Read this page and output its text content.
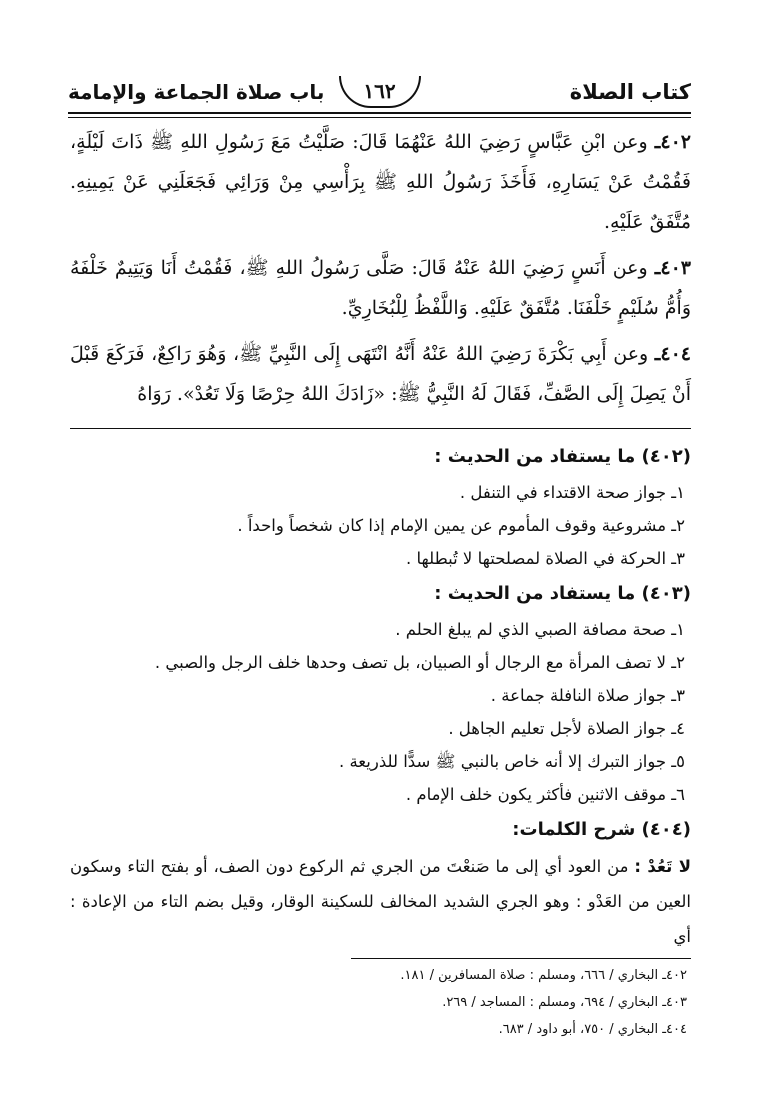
كتاب الصلاة
١٦٢
باب صلاة الجماعة والإمامة

٤٠٢ـ وعن ابْنِ عَبَّاسٍ رَضِيَ اللهُ عَنْهُمَا قَالَ: صَلَّيْتُ مَعَ رَسُولِ اللهِ ﷺ ذَاتَ لَيْلَةٍ، فَقُمْتُ عَنْ يَسَارِهِ، فَأَخَذَ رَسُولُ اللهِ ﷺ بِرَأْسِي مِنْ وَرَائِي فَجَعَلَنِي عَنْ يَمِينِهِ. مُتَّفَقٌ عَلَيْهِ.

٤٠٣ـ وعن أَنَسٍ رَضِيَ اللهُ عَنْهُ قَالَ: صَلَّى رَسُولُ اللهِ ﷺ، فَقُمْتُ أَنَا وَيَتِيمٌ خَلْفَهُ وَأُمُّ سُلَيْمٍ خَلْفَنَا. مُتَّفَقٌ عَلَيْهِ. وَاللَّفْظُ لِلْبُخَارِيِّ.

٤٠٤ـ وعن أَبِي بَكْرَةَ رَضِيَ اللهُ عَنْهُ أَنَّهُ انْتَهَى إِلَى النَّبِيِّ ﷺ، وَهُوَ رَاكِعٌ، فَرَكَعَ قَبْلَ أَنْ يَصِلَ إِلَى الصَّفِّ، فَقَالَ لَهُ النَّبِيُّ ﷺ: «زَادَكَ اللهُ حِرْصًا وَلَا تَعُدْ». رَوَاهُ

(٤٠٢) ما يستفاد من الحديث :
١ـ جواز صحة الاقتداء في التنفل .
٢ـ مشروعية وقوف المأموم عن يمين الإمام إذا كان شخصاً واحداً .
٣ـ الحركة في الصلاة لمصلحتها لا تُبطلها .
(٤٠٣) ما يستفاد من الحديث :
١ـ صحة مصافة الصبي الذي لم يبلغ الحلم .
٢ـ لا تصف المرأة مع الرجال أو الصبيان، بل تصف وحدها خلف الرجل والصبي .
٣ـ جواز صلاة النافلة جماعة .
٤ـ جواز الصلاة لأجل تعليم الجاهل .
٥ـ جواز التبرك إلا أنه خاص بالنبي ﷺ سدًّا للذريعة .
٦ـ موقف الاثنين فأكثر يكون خلف الإمام .
(٤٠٤) شرح الكلمات:
لا تَعُدْ : من العود أي إلى ما صَنعْتَ من الجري ثم الركوع دون الصف، أو بفتح التاء وسكون العين من العَدْو : وهو الجري الشديد المخالف للسكينة الوقار، وقيل بضم التاء من الإعادة : أي
٤٠٢ـ البخاري / ٦٦٦، ومسلم : صلاة المسافرين / ١٨١.
٤٠٣ـ البخاري / ٦٩٤، ومسلم : المساجد / ٢٦٩.
٤٠٤ـ البخاري / ٧٥٠، أبو داود / ٦٨٣.
